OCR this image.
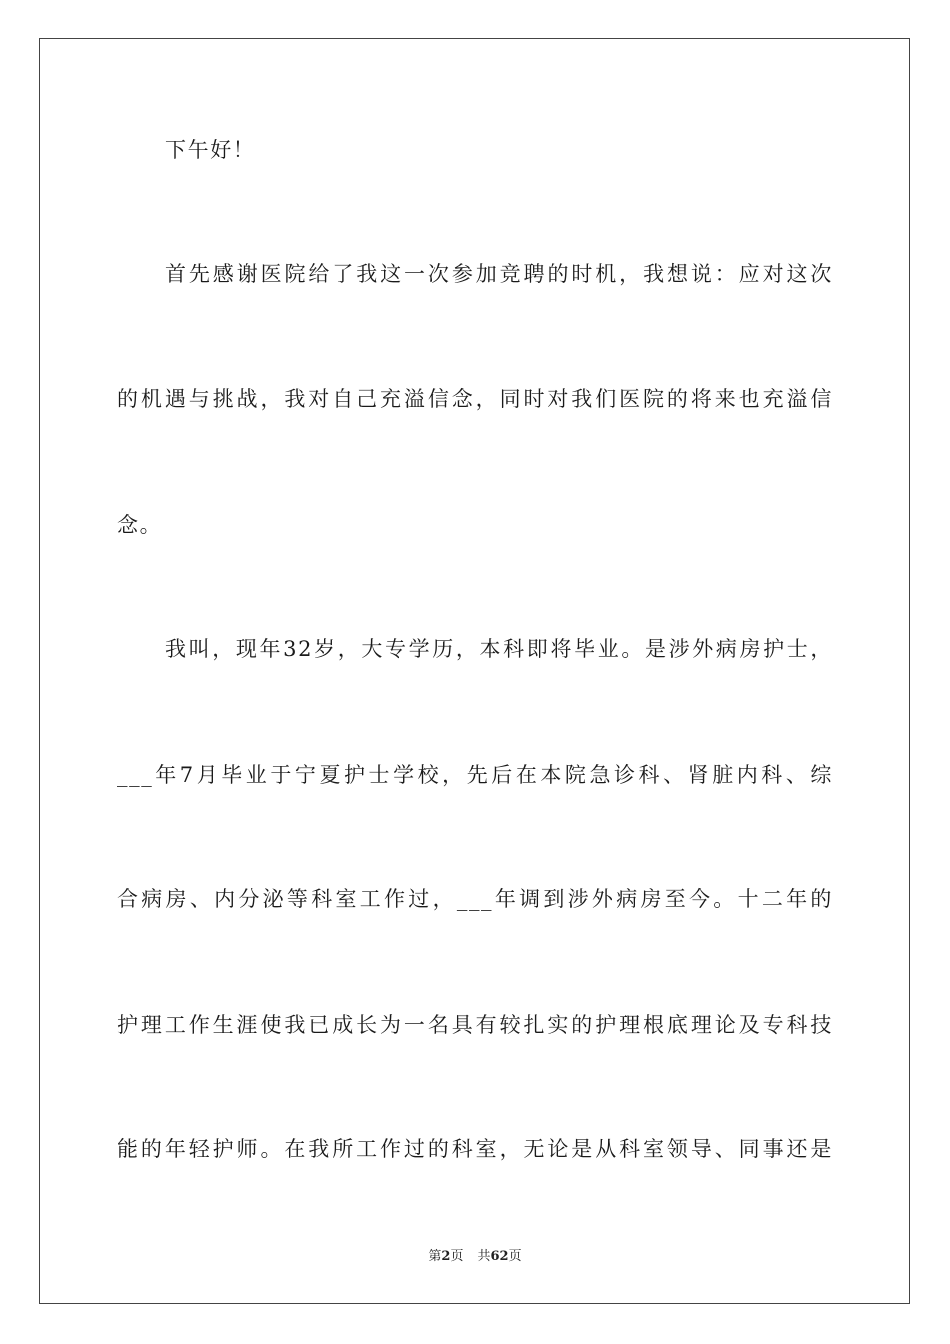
下午好！
首先感谢医院给了我这一次参加竞聘的时机，我想说：应对这次
的机遇与挑战，我对自己充溢信念，同时对我们医院的将来也充溢信
念。
我叫，现年32岁，大专学历，本科即将毕业。是涉外病房护士，
___年7月毕业于宁夏护士学校，先后在本院急诊科、肾脏内科、综
合病房、内分泌等科室工作过，___年调到涉外病房至今。十二年的
护理工作生涯使我已成长为一名具有较扎实的护理根底理论及专科技
能的年轻护师。在我所工作过的科室，无论是从科室领导、同事还是
第2页 共62页
